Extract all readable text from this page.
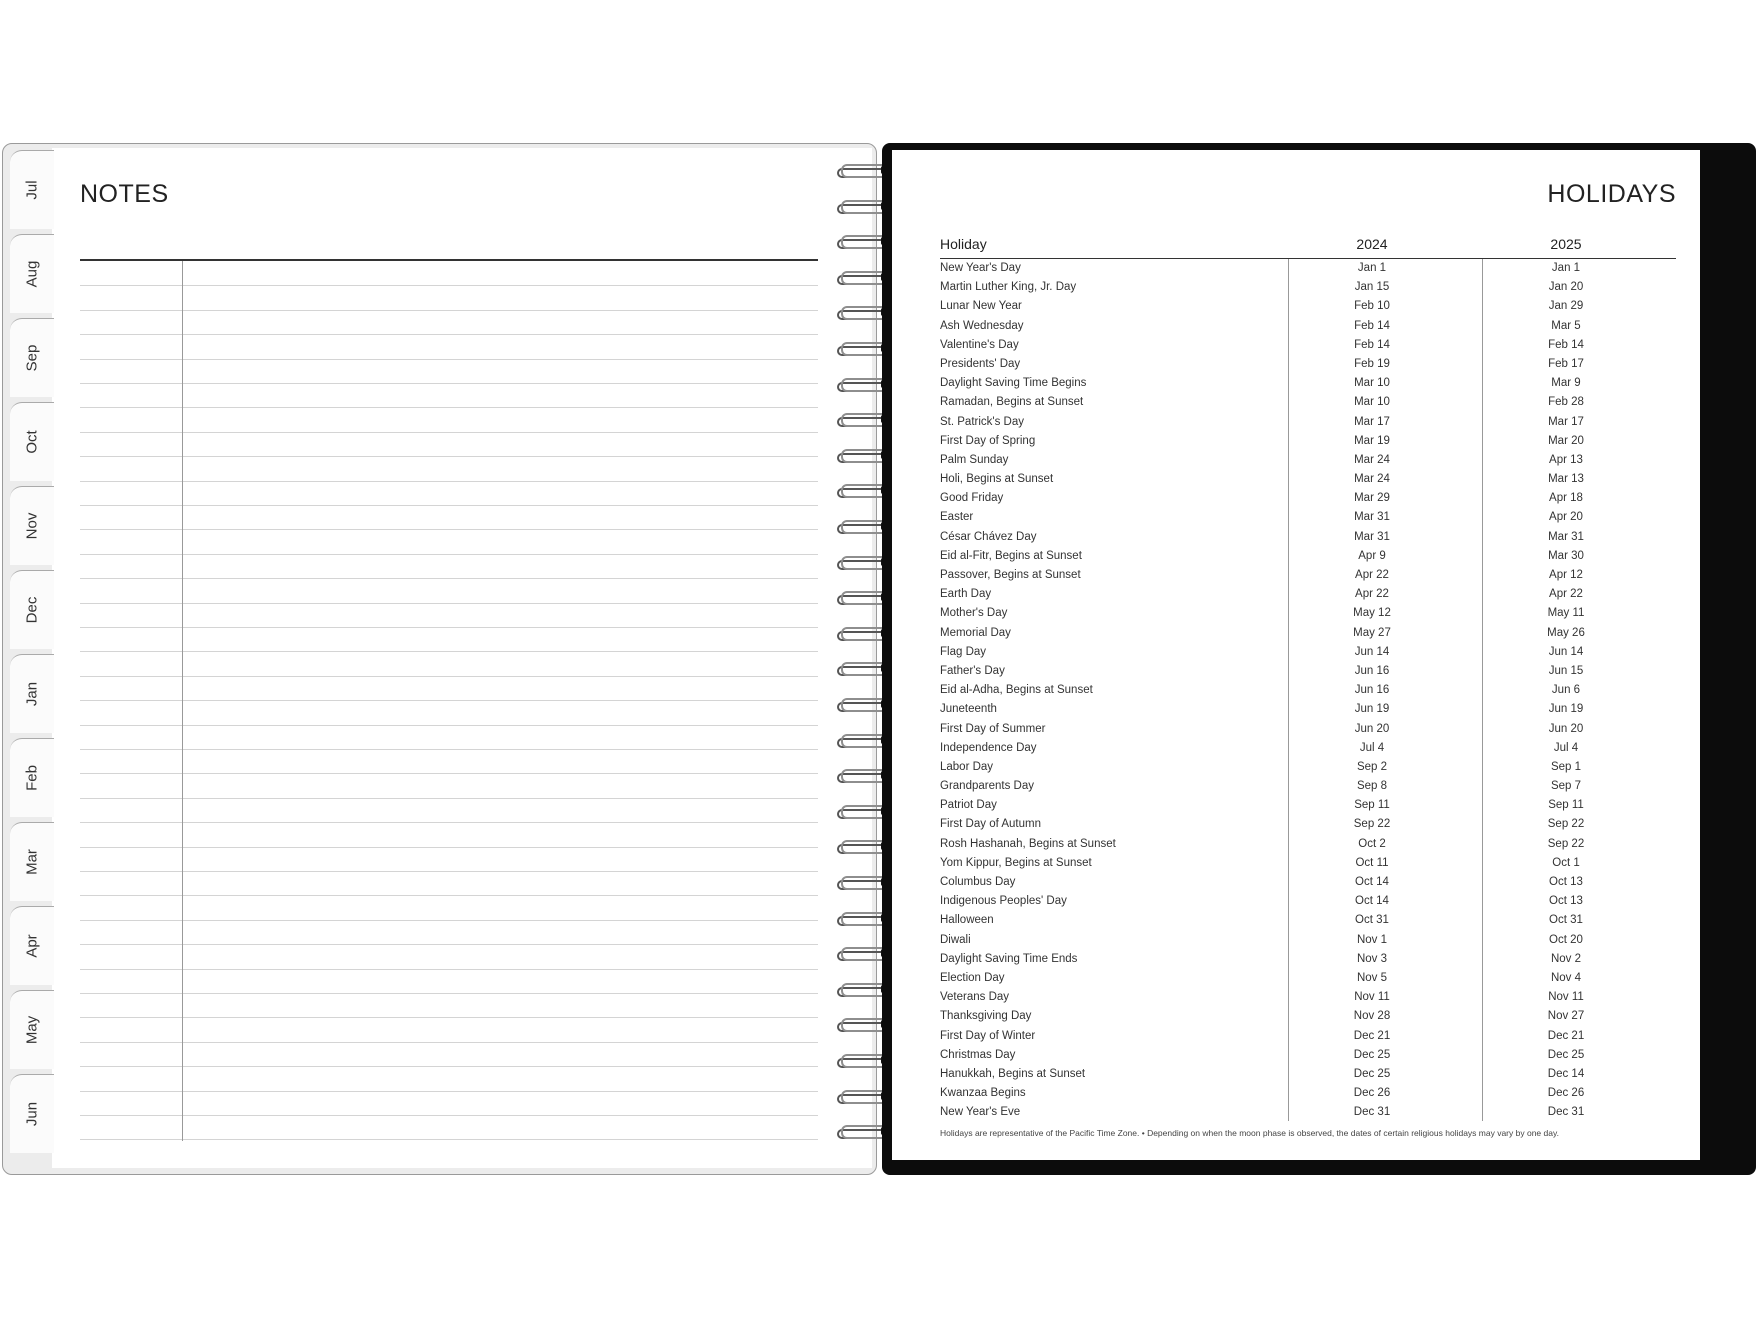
Jul
Aug
Sep
Oct
Nov
Dec
Jan
Feb
Mar
Apr
May
Jun
NOTES	HOLIDAYS
Holiday	2024	2025
New Year's Day	Jan 1	Jan 1
Martin Luther King, Jr. Day	Jan 15	Jan 20
Lunar New Year	Feb 10	Jan 29
Ash Wednesday	Feb 14	Mar 5
Valentine's Day	Feb 14	Feb 14
Presidents' Day	Feb 19	Feb 17
Daylight Saving Time Begins	Mar 10	Mar 9
Ramadan, Begins at Sunset	Mar 10	Feb 28
St. Patrick's Day	Mar 17	Mar 17
First Day of Spring	Mar 19	Mar 20
Palm Sunday	Mar 24	Apr 13
Holi, Begins at Sunset	Mar 24	Mar 13
Good Friday	Mar 29	Apr 18
Easter	Mar 31	Apr 20
César Chávez Day	Mar 31	Mar 31
Eid al-Fitr, Begins at Sunset	Apr 9	Mar 30
Passover, Begins at Sunset	Apr 22	Apr 12
Earth Day	Apr 22	Apr 22
Mother's Day	May 12	May 11
Memorial Day	May 27	May 26
Flag Day	Jun 14	Jun 14
Father's Day	Jun 16	Jun 15
Eid al-Adha, Begins at Sunset	Jun 16	Jun 6
Juneteenth	Jun 19	Jun 19
First Day of Summer	Jun 20	Jun 20
Independence Day	Jul 4	Jul 4
Labor Day	Sep 2	Sep 1
Grandparents Day	Sep 8	Sep 7
Patriot Day	Sep 11	Sep 11
First Day of Autumn	Sep 22	Sep 22
Rosh Hashanah, Begins at Sunset	Oct 2	Sep 22
Yom Kippur, Begins at Sunset	Oct 11	Oct 1
Columbus Day	Oct 14	Oct 13
Indigenous Peoples' Day	Oct 14	Oct 13
Halloween	Oct 31	Oct 31
Diwali	Nov 1	Oct 20
Daylight Saving Time Ends	Nov 3	Nov 2
Election Day	Nov 5	Nov 4
Veterans Day	Nov 11	Nov 11
Thanksgiving Day	Nov 28	Nov 27
First Day of Winter	Dec 21	Dec 21
Christmas Day	Dec 25	Dec 25
Hanukkah, Begins at Sunset	Dec 25	Dec 14
Kwanzaa Begins	Dec 26	Dec 26
New Year's Eve	Dec 31	Dec 31
Holidays are representative of the Pacific Time Zone. • Depending on when the moon phase is observed, the dates of certain religious holidays may vary by one day.
